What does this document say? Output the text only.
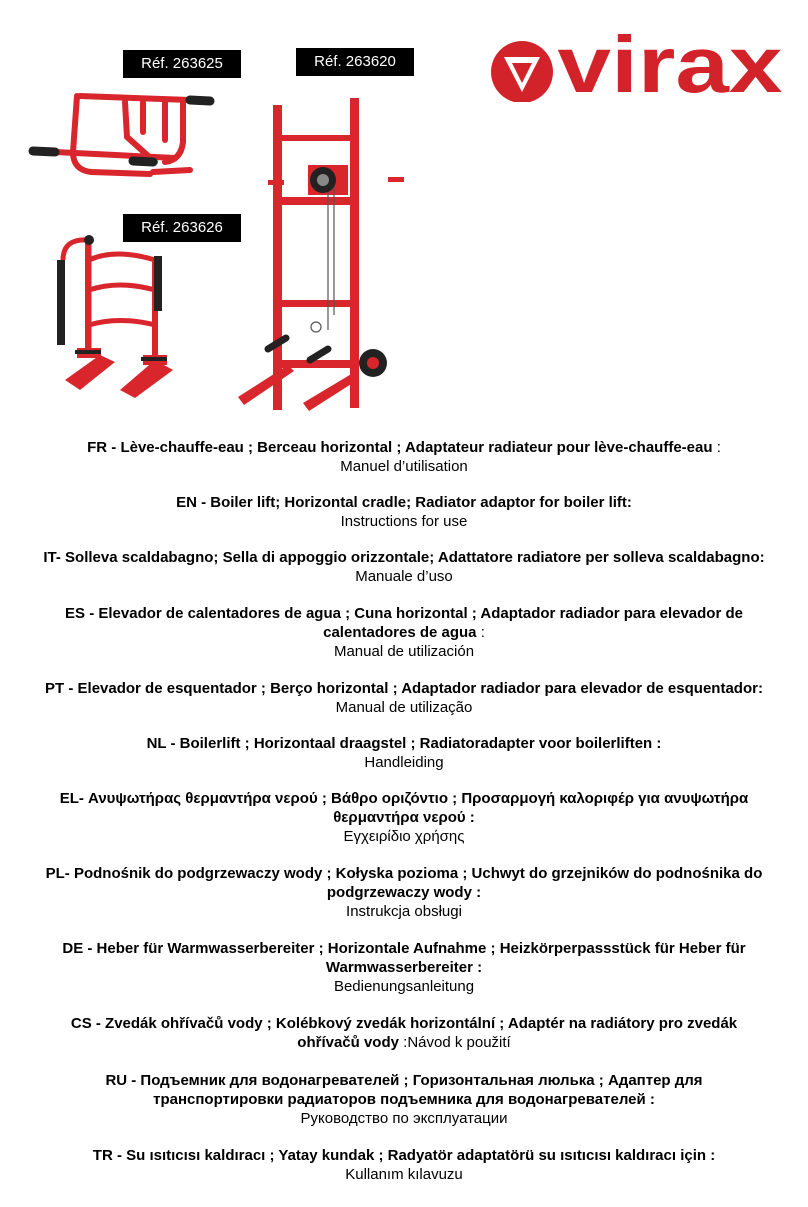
Réf. 263625	Réf. 263620
Réf. 263626
virax
FR - Lève-chauffe-eau ; Berceau horizontal ; Adaptateur radiateur pour lève-chauffe-eau :
Manuel d’utilisation
EN - Boiler lift; Horizontal cradle; Radiator adaptor for boiler lift:
Instructions for use
IT- Solleva scaldabagno; Sella di appoggio orizzontale; Adattatore radiatore per solleva scaldabagno:
Manuale d’uso
ES - Elevador de calentadores de agua ; Cuna horizontal ; Adaptador radiador para elevador de calentadores de agua :
Manual de utilización
PT - Elevador de esquentador ; Berço horizontal ; Adaptador radiador para elevador de esquentador:
Manual de utilização
NL - Boilerlift ; Horizontaal draagstel ; Radiatoradapter voor boilerliften :
Handleiding
EL- Ανυψωτήρας θερμαντήρα νερού ; Βάθρο οριζόντιο ; Προσαρμογή καλοριφέρ για ανυψωτήρα θερμαντήρα νερού :
Εγχειρίδιο χρήσης
PL- Podnośnik do podgrzewaczy wody ; Kołyska pozioma ; Uchwyt do grzejników do podnośnika do podgrzewaczy wody :
Instrukcja obsługi
DE - Heber für Warmwasserbereiter ; Horizontale Aufnahme ; Heizkörperpassstück für Heber für Warmwasserbereiter :
Bedienungsanleitung
CS - Zvedák ohřívačů vody ; Kolébkový zvedák horizontální ; Adaptér na radiátory pro zvedák ohřívačů vody :Návod k použití
RU - Подъемник для водонагревателей ; Горизонтальная люлька ; Адаптер для транспортировки радиаторов подъемника для водонагревателей :
Руководство по эксплуатации
TR - Su ısıtıcısı kaldıracı ; Yatay kundak ; Radyatör adaptatörü su ısıtıcısı kaldıracı için :
Kullanım kılavuzu
